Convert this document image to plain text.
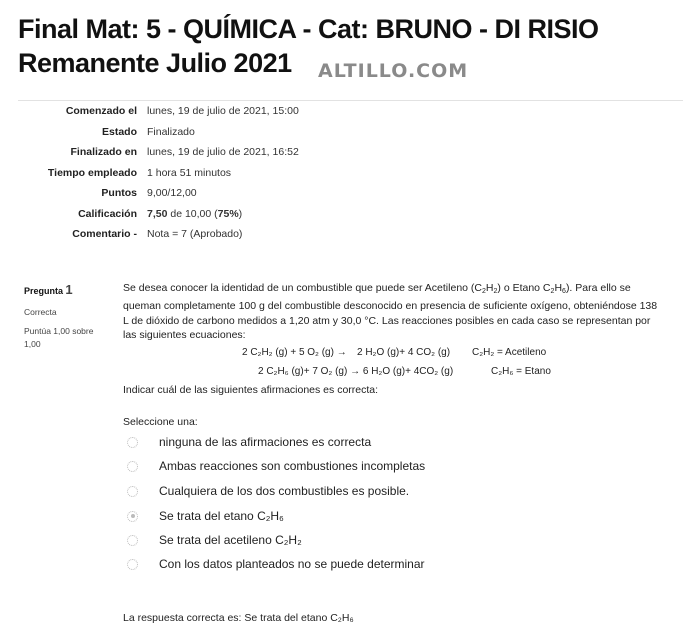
Final Mat: 5 - QUÍMICA - Cat: BRUNO - DI RISIO Remanente Julio 2021	ALTILLO.COM
Comenzado el lunes, 19 de julio de 2021, 15:00
Estado Finalizado
Finalizado en lunes, 19 de julio de 2021, 16:52
Tiempo empleado 1 hora 51 minutos
Puntos 9,00/12,00
Calificación 7,50 de 10,00 (75%)
Comentario - Nota = 7 (Aprobado)
Pregunta 1
Correcta
Puntúa 1,00 sobre 1,00
Se desea conocer la identidad de un combustible que puede ser Acetileno $(C_2H_2)$ o Etano $C_2H_6$). Para ello se queman completamente 100 g del combustible desconocido en presencia de suficiente oxígeno, obteniéndose 138 L de dióxido de carbono medidos a 1,20 atm y 30,0 °C. Las reacciones posibles en cada caso se representan por las siguientes ecuaciones:
2 C₂H₂ (g) + 5 O₂ (g) → 2 H₂O (g)+ 4 CO₂ (g) C₂H₂ = Acetileno
2 C₂H₆ (g)+ 7 O₂ (g) → 6 H₂O (g)+ 4CO₂ (g)	C₂H₆ = Etano
Indicar cuál de las siguientes afirmaciones es correcta:
Seleccione una:
ninguna de las afirmaciones es correcta
Ambas reacciones son combustiones incompletas
Cualquiera de los dos combustibles es posible.
Se trata del etano C₂H₆
Se trata del acetileno C₂H₂
Con los datos planteados no se puede determinar
La respuesta correcta es: Se trata del etano C₂H₆
